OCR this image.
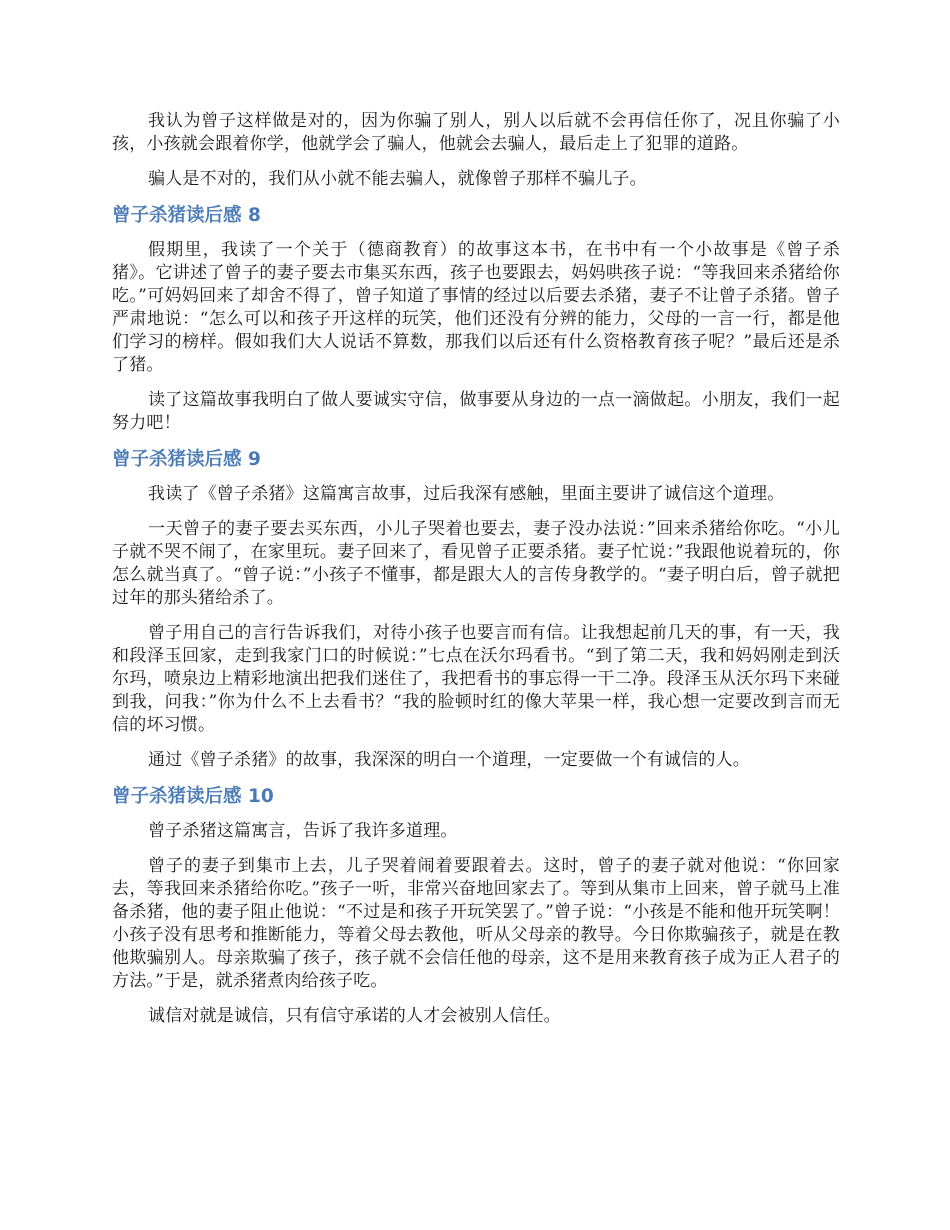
我认为曾子这样做是对的，因为你骗了别人，别人以后就不会再信任你了，况且你骗了小孩，小孩就会跟着你学，他就学会了骗人，他就会去骗人，最后走上了犯罪的道路。

骗人是不对的，我们从小就不能去骗人，就像曾子那样不骗儿子。

曾子杀猪读后感 8

假期里，我读了一个关于（德商教育）的故事这本书，在书中有一个小故事是《曾子杀猪》。它讲述了曾子的妻子要去市集买东西，孩子也要跟去，妈妈哄孩子说：“等我回来杀猪给你吃。”可妈妈回来了却舍不得了，曾子知道了事情的经过以后要去杀猪，妻子不让曾子杀猪。曾子严肃地说：“怎么可以和孩子开这样的玩笑，他们还没有分辨的能力，父母的一言一行，都是他们学习的榜样。假如我们大人说话不算数，那我们以后还有什么资格教育孩子呢？”最后还是杀了猪。

读了这篇故事我明白了做人要诚实守信，做事要从身边的一点一滴做起。小朋友，我们一起努力吧！

曾子杀猪读后感 9

我读了《曾子杀猪》这篇寓言故事，过后我深有感触，里面主要讲了诚信这个道理。

一天曾子的妻子要去买东西，小儿子哭着也要去，妻子没办法说：”回来杀猪给你吃。“小儿子就不哭不闹了，在家里玩。妻子回来了，看见曾子正要杀猪。妻子忙说：”我跟他说着玩的，你怎么就当真了。“曾子说：”小孩子不懂事，都是跟大人的言传身教学的。“妻子明白后，曾子就把过年的那头猪给杀了。

曾子用自己的言行告诉我们，对待小孩子也要言而有信。让我想起前几天的事，有一天，我和段泽玉回家，走到我家门口的时候说：”七点在沃尔玛看书。“到了第二天，我和妈妈刚走到沃尔玛，喷泉边上精彩地演出把我们迷住了，我把看书的事忘得一干二净。段泽玉从沃尔玛下来碰到我，问我：”你为什么不上去看书？“我的脸顿时红的像大苹果一样，我心想一定要改到言而无信的坏习惯。

通过《曾子杀猪》的故事，我深深的明白一个道理，一定要做一个有诚信的人。

曾子杀猪读后感 10

曾子杀猪这篇寓言，告诉了我许多道理。

曾子的妻子到集市上去，儿子哭着闹着要跟着去。这时，曾子的妻子就对他说：“你回家去，等我回来杀猪给你吃。”孩子一听，非常兴奋地回家去了。等到从集市上回来，曾子就马上准备杀猪，他的妻子阻止他说：“不过是和孩子开玩笑罢了。”曾子说：“小孩是不能和他开玩笑啊！小孩子没有思考和推断能力，等着父母去教他，听从父母亲的教导。今日你欺骗孩子，就是在教他欺骗别人。母亲欺骗了孩子，孩子就不会信任他的母亲，这不是用来教育孩子成为正人君子的方法。”于是，就杀猪煮肉给孩子吃。

诚信对就是诚信，只有信守承诺的人才会被别人信任。
